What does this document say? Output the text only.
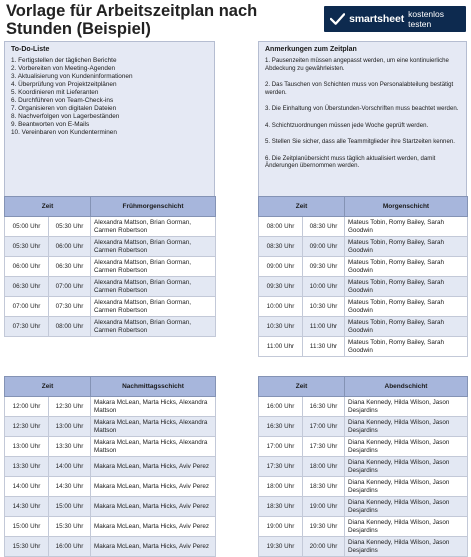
Vorlage für Arbeitszeitplan nach Stunden (Beispiel)
smartsheet kostenlos testen
To-Do-Liste
1. Fertigstellen der täglichen Berichte
2. Vorbereiten von Meeting-Agenden
3. Aktualisierung von Kundeninformationen
4. Überprüfung von Projektzeitplänen
5. Koordinieren mit Lieferanten
6. Durchführen von Team-Check-ins
7. Organisieren von digitalen Dateien
8. Nachverfolgen von Lagerbeständen
9. Beantworten von E-Mails
10. Vereinbaren von Kundenterminen
Anmerkungen zum Zeitplan
1. Pausenzeiten müssen angepasst werden, um eine kontinuierliche Abdeckung zu gewährleisten.
2. Das Tauschen von Schichten muss von Personalabteilung bestätigt werden.
3. Die Einhaltung von Überstunden-Vorschriften muss beachtet werden.
4. Schichtzuordnungen müssen jede Woche geprüft werden.
5. Stellen Sie sicher, dass alle Teammitglieder ihre Startzeiten kennen.
6. Die Zeitplanübersicht muss täglich aktualisiert werden, damit Änderungen übernommen werden.
Zeit		Frühmorgenschicht
05:00 Uhr	05:30 Uhr	Alexandra Mattson, Brian Gorman, Carmen Robertson
05:30 Uhr	06:00 Uhr	Alexandra Mattson, Brian Gorman, Carmen Robertson
06:00 Uhr	06:30 Uhr	Alexandra Mattson, Brian Gorman, Carmen Robertson
06:30 Uhr	07:00 Uhr	Alexandra Mattson, Brian Gorman, Carmen Robertson
07:00 Uhr	07:30 Uhr	Alexandra Mattson, Brian Gorman, Carmen Robertson
07:30 Uhr	08:00 Uhr	Alexandra Mattson, Brian Gorman, Carmen Robertson
Zeit		Morgenschicht
08:00 Uhr	08:30 Uhr	Mateus Tobin, Romy Bailey, Sarah Goodwin
08:30 Uhr	09:00 Uhr	Mateus Tobin, Romy Bailey, Sarah Goodwin
09:00 Uhr	09:30 Uhr	Mateus Tobin, Romy Bailey, Sarah Goodwin
09:30 Uhr	10:00 Uhr	Mateus Tobin, Romy Bailey, Sarah Goodwin
10:00 Uhr	10:30 Uhr	Mateus Tobin, Romy Bailey, Sarah Goodwin
10:30 Uhr	11:00 Uhr	Mateus Tobin, Romy Bailey, Sarah Goodwin
11:00 Uhr	11:30 Uhr	Mateus Tobin, Romy Bailey, Sarah Goodwin
Zeit		Nachmittagsschicht
12:00 Uhr	12:30 Uhr	Makara McLean, Marta Hicks, Alexandra Mattson
12:30 Uhr	13:00 Uhr	Makara McLean, Marta Hicks, Alexandra Mattson
13:00 Uhr	13:30 Uhr	Makara McLean, Marta Hicks, Alexandra Mattson
13:30 Uhr	14:00 Uhr	Makara McLean, Marta Hicks, Aviv Perez
14:00 Uhr	14:30 Uhr	Makara McLean, Marta Hicks, Aviv Perez
14:30 Uhr	15:00 Uhr	Makara McLean, Marta Hicks, Aviv Perez
15:00 Uhr	15:30 Uhr	Makara McLean, Marta Hicks, Aviv Perez
15:30 Uhr	16:00 Uhr	Makara McLean, Marta Hicks, Aviv Perez
Zeit		Abendschicht
16:00 Uhr	16:30 Uhr	Diana Kennedy, Hilda Wilson, Jason Desjardins
16:30 Uhr	17:00 Uhr	Diana Kennedy, Hilda Wilson, Jason Desjardins
17:00 Uhr	17:30 Uhr	Diana Kennedy, Hilda Wilson, Jason Desjardins
17:30 Uhr	18:00 Uhr	Diana Kennedy, Hilda Wilson, Jason Desjardins
18:00 Uhr	18:30 Uhr	Diana Kennedy, Hilda Wilson, Jason Desjardins
18:30 Uhr	19:00 Uhr	Diana Kennedy, Hilda Wilson, Jason Desjardins
19:00 Uhr	19:30 Uhr	Diana Kennedy, Hilda Wilson, Jason Desjardins
19:30 Uhr	20:00 Uhr	Diana Kennedy, Hilda Wilson, Jason Desjardins
